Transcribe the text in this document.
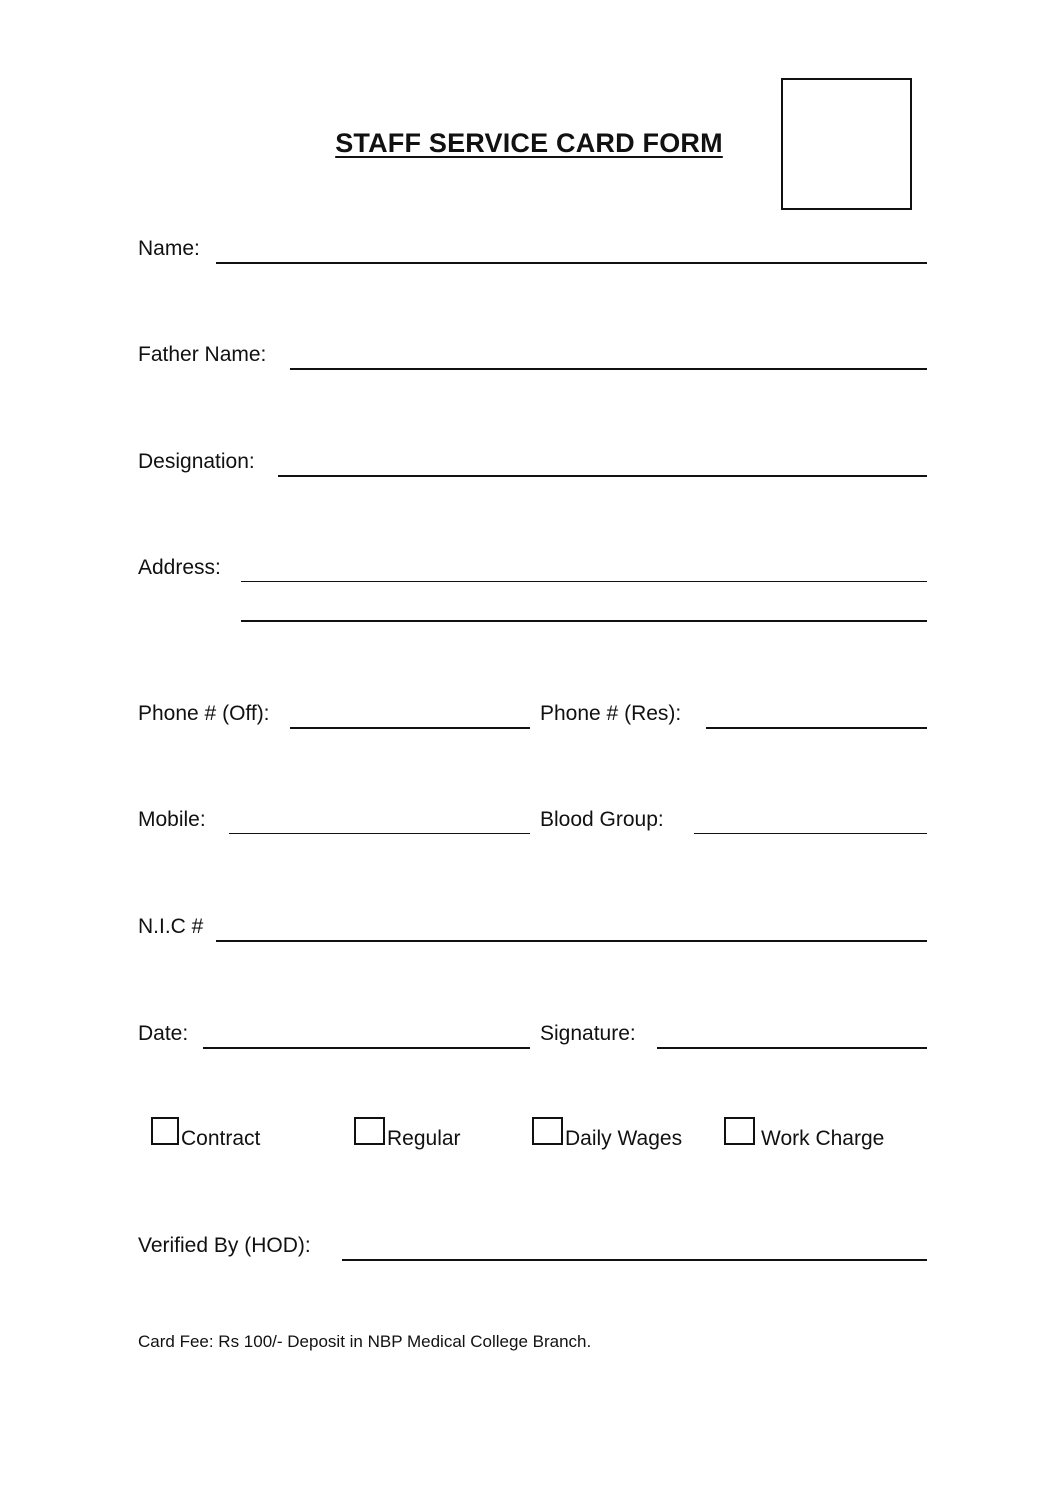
STAFF SERVICE CARD FORM
Name:
Father Name:
Designation:
Address:
Phone # (Off):	Phone # (Res):
Mobile:	Blood Group:
N.I.C #
Date:	Signature:
Contract	Regular	Daily Wages	Work Charge
Verified By (HOD):
Card Fee: Rs 100/- Deposit in NBP Medical College Branch.
